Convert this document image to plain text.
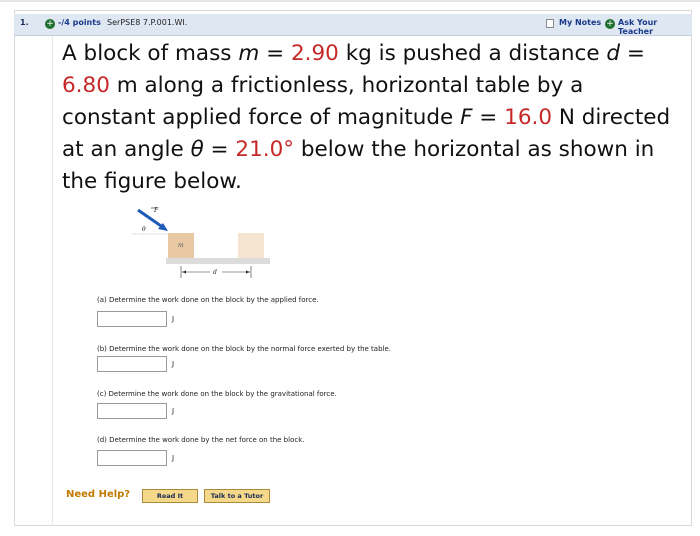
1. + -/4 points SerPSE8 7.P.001.WI.	My Notes + Ask Your Teacher
A block of mass m = 2.90 kg is pushed a distance d = 6.80 m along a frictionless, horizontal table by a constant applied force of magnitude F = 16.0 N directed at an angle θ = 21.0° below the horizontal as shown in the figure below.
F
θ
m
d
(a) Determine the work done on the block by the applied force.
J
(b) Determine the work done on the block by the normal force exerted by the table.
J
(c) Determine the work done on the block by the gravitational force.
J
(d) Determine the work done by the net force on the block.
J
Need Help?	Read It	Talk to a Tutor
